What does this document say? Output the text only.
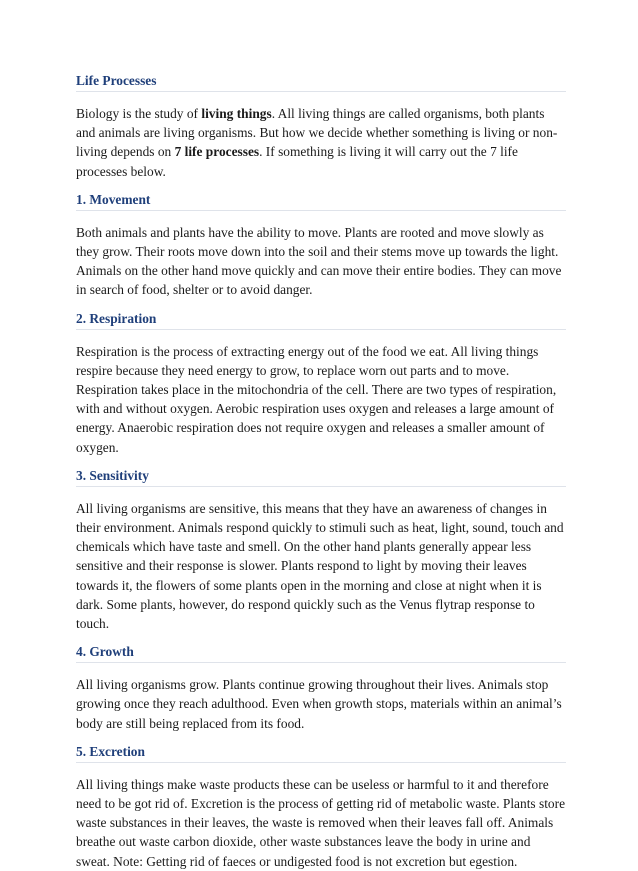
Life Processes

Biology is the study of living things. All living things are called organisms, both plants and animals are living organisms. But how we decide whether something is living or non-living depends on 7 life processes. If something is living it will carry out the 7 life processes below.

1. Movement

Both animals and plants have the ability to move. Plants are rooted and move slowly as they grow. Their roots move down into the soil and their stems move up towards the light. Animals on the other hand move quickly and can move their entire bodies. They can move in search of food, shelter or to avoid danger.

2. Respiration

Respiration is the process of extracting energy out of the food we eat. All living things respire because they need energy to grow, to replace worn out parts and to move. Respiration takes place in the mitochondria of the cell. There are two types of respiration, with and without oxygen. Aerobic respiration uses oxygen and releases a large amount of energy. Anaerobic respiration does not require oxygen and releases a smaller amount of oxygen.

3. Sensitivity

All living organisms are sensitive, this means that they have an awareness of changes in their environment. Animals respond quickly to stimuli such as heat, light, sound, touch and chemicals which have taste and smell. On the other hand plants generally appear less sensitive and their response is slower. Plants respond to light by moving their leaves towards it, the flowers of some plants open in the morning and close at night when it is dark. Some plants, however, do respond quickly such as the Venus flytrap response to touch.

4. Growth

All living organisms grow. Plants continue growing throughout their lives. Animals stop growing once they reach adulthood. Even when growth stops, materials within an animal’s body are still being replaced from its food.

5. Excretion

All living things make waste products these can be useless or harmful to it and therefore need to be got rid of. Excretion is the process of getting rid of metabolic waste. Plants store waste substances in their leaves, the waste is removed when their leaves fall off. Animals breathe out waste carbon dioxide, other waste substances leave the body in urine and sweat. Note: Getting rid of faeces or undigested food is not excretion but egestion.
